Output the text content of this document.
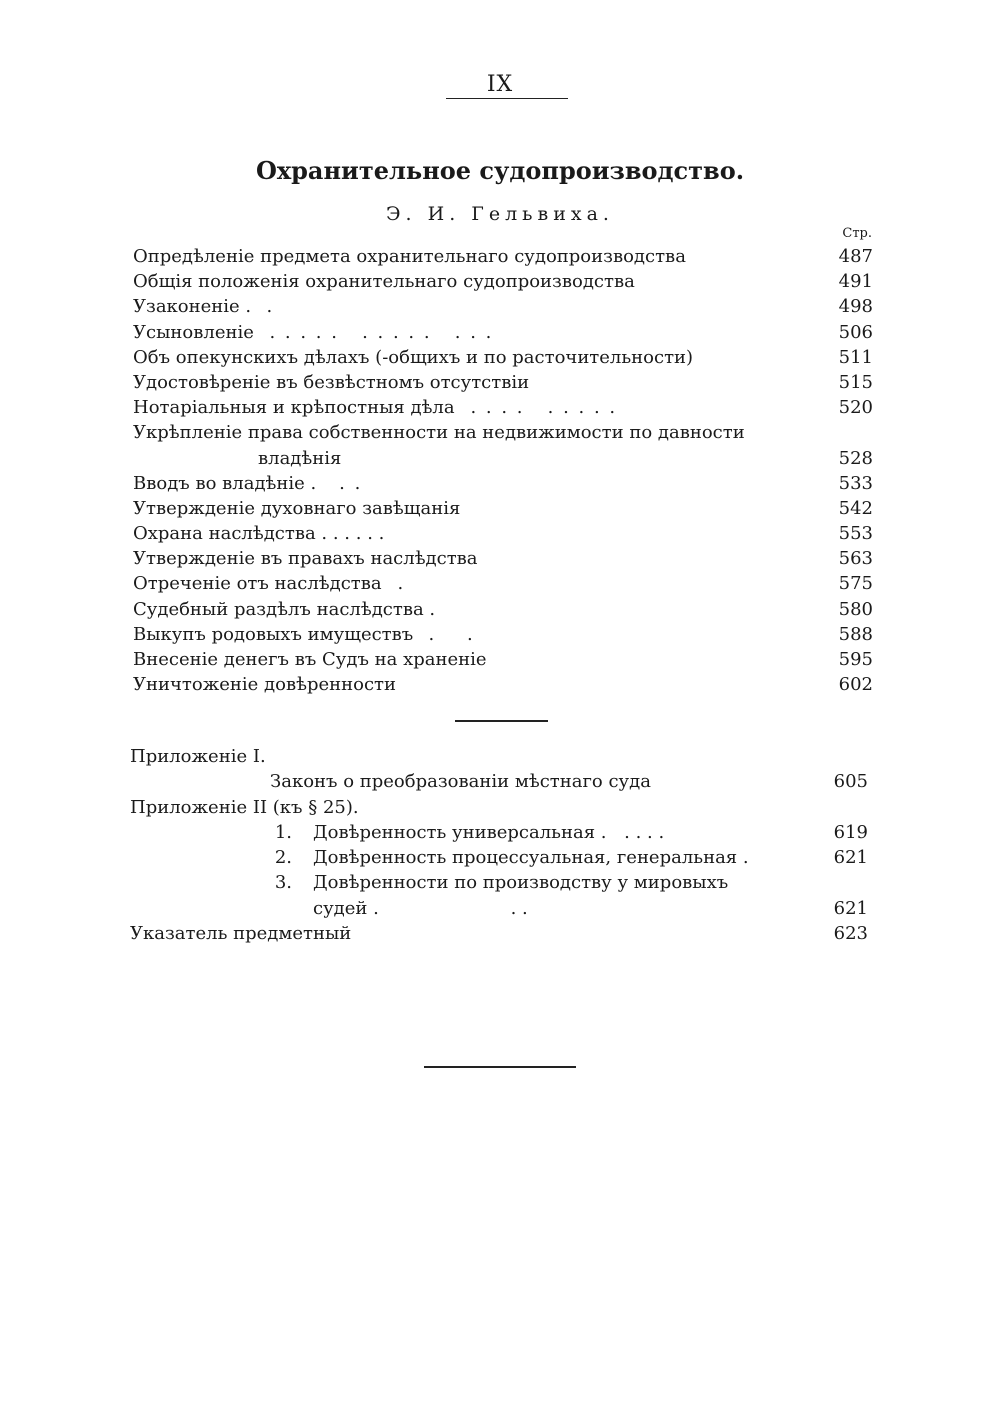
IX
Охранительное судопроизводство.
Э. И. Гельвиха.
Стр.
Опредѣленіе предмета охранительнаго судопроизводства	487
Общія положенія охранительнаго судопроизводства	491
Узаконеніе . .	498
Усыновленіе . . . . .   . . . . .   . . .	506
Объ опекунскихъ дѣлахъ (-общихъ и по расточительности)	511
Удостовѣреніе въ безвѣстномъ отсутствіи	515
Нотаріальныя и крѣпостныя дѣла . . . .   . . . . .	520
Укрѣпленіе права собственности на недвижимости по давности
владѣнія	528
Вводъ во владѣніе . . .	533
Утвержденіе духовнаго завѣщанія	542
Охрана наслѣдства . . . . . .	553
Утвержденіе въ правахъ наслѣдства	563
Отреченіе отъ наслѣдства .	575
Судебный раздѣлъ наслѣдства .	580
Выкупъ родовыхъ имуществъ .    .	588
Внесеніе денегъ въ Судъ на храненіе	595
Уничтоженіе довѣренности	602
Приложеніе I.
Законъ о преобразованіи мѣстнаго суда	605
Приложеніе II (къ § 25).
1. Довѣренность универсальная . . . . .	619
2. Довѣренность процессуальная, генеральная .	621
3. Довѣренности по производству у мировыхъ
судей . . .	621
Указатель предметный	623
